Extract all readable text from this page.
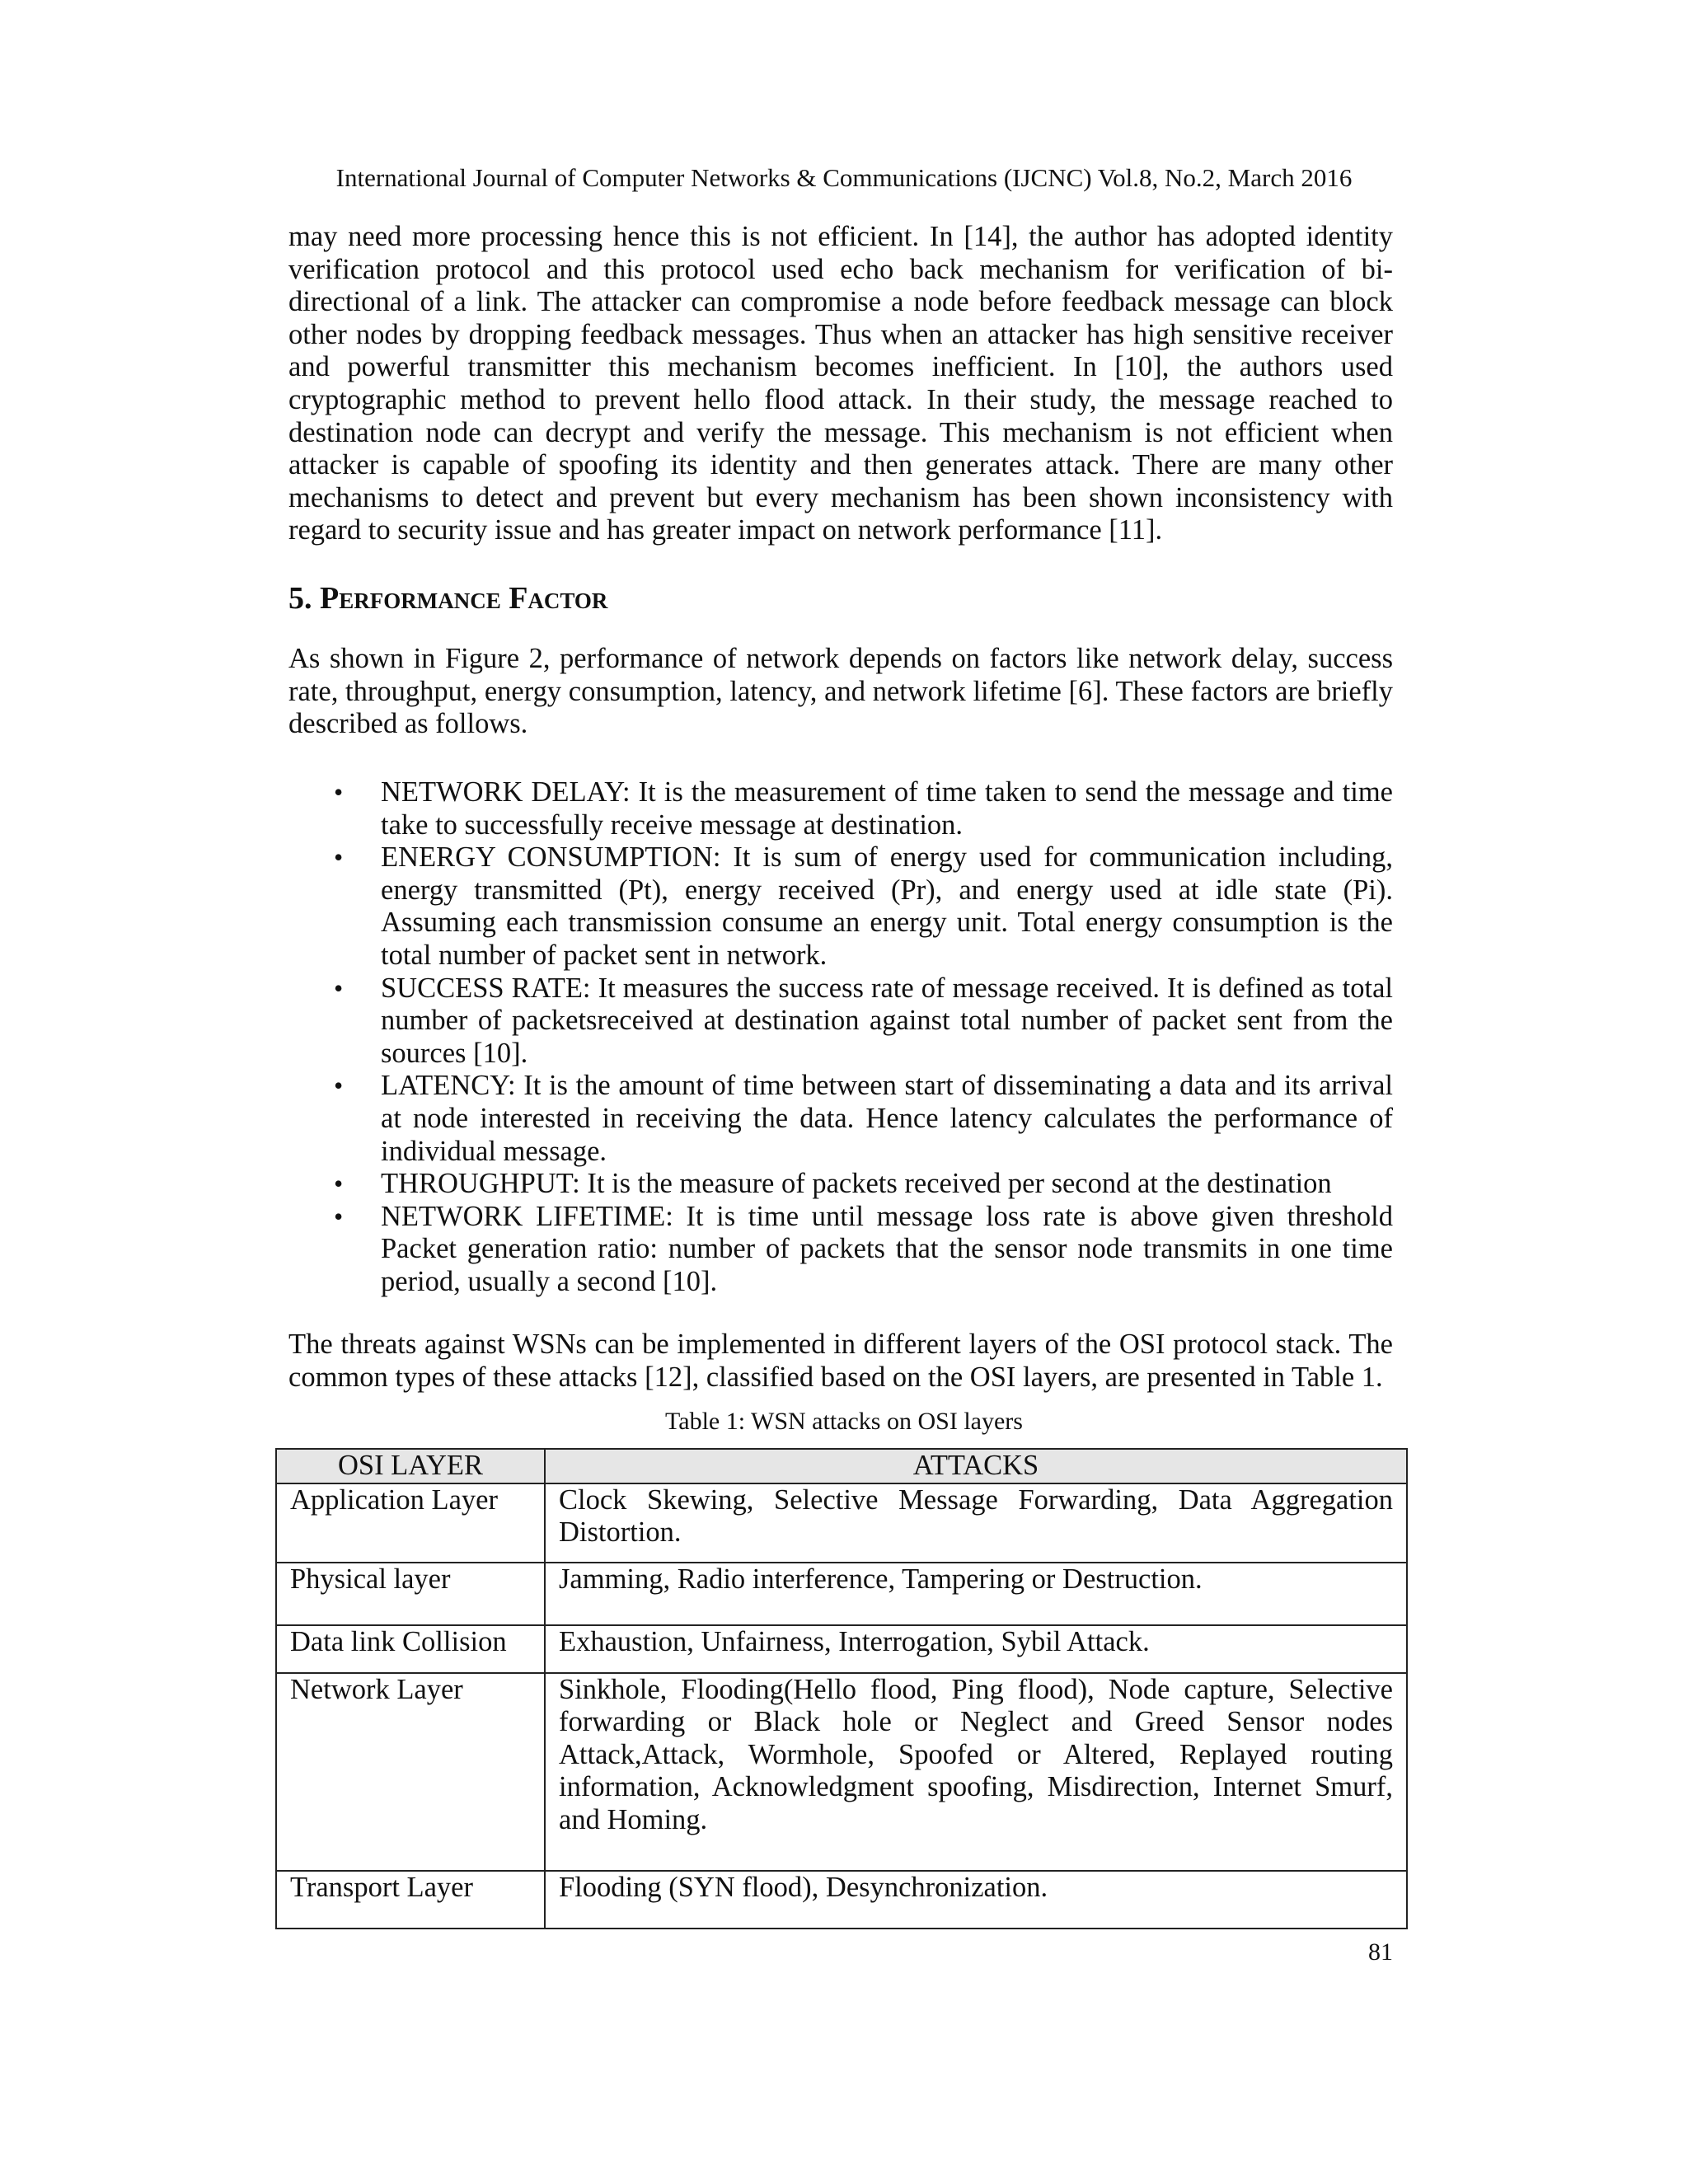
International Journal of Computer Networks & Communications (IJCNC) Vol.8, No.2, March 2016
may need more processing hence this is not efficient. In [14], the author has adopted identity verification protocol and this protocol used echo back mechanism for verification of bi-directional of a link. The attacker can compromise a node before feedback message can block other nodes by dropping feedback messages. Thus when an attacker has high sensitive receiver and powerful transmitter this mechanism becomes inefficient. In [10], the authors used cryptographic method to prevent hello flood attack. In their study, the message reached to destination node can decrypt and verify the message. This mechanism is not efficient when attacker is capable of spoofing its identity and then generates attack. There are many other mechanisms to detect and prevent but every mechanism has been shown inconsistency with regard to security issue and has greater impact on network performance [11].
5. Performance Factor
As shown in Figure 2, performance of network depends on factors like network delay, success rate, throughput, energy consumption, latency, and network lifetime [6]. These factors are briefly described as follows.
• NETWORK DELAY: It is the measurement of time taken to send the message and time take to successfully receive message at destination.
• ENERGY CONSUMPTION: It is sum of energy used for communication including, energy transmitted (Pt), energy received (Pr), and energy used at idle state (Pi). Assuming each transmission consume an energy unit. Total energy consumption is the total number of packet sent in network.
• SUCCESS RATE: It measures the success rate of message received. It is defined as total number of packetsreceived at destination against total number of packet sent from the sources [10].
• LATENCY: It is the amount of time between start of disseminating a data and its arrival at node interested in receiving the data. Hence latency calculates the performance of individual message.
• THROUGHPUT: It is the measure of packets received per second at the destination
• NETWORK LIFETIME: It is time until message loss rate is above given threshold Packet generation ratio: number of packets that the sensor node transmits in one time period, usually a second [10].
The threats against WSNs can be implemented in different layers of the OSI protocol stack. The common types of these attacks [12], classified based on the OSI layers, are presented in Table 1.
Table 1: WSN attacks on OSI layers
OSI LAYER	ATTACKS
Application Layer	Clock Skewing, Selective Message Forwarding, Data Aggregation Distortion.
Physical layer	Jamming, Radio interference, Tampering or Destruction.
Data link Collision	Exhaustion, Unfairness, Interrogation, Sybil Attack.
Network Layer	Sinkhole, Flooding(Hello flood, Ping flood), Node capture, Selective forwarding or Black hole or Neglect and Greed Sensor nodes Attack,Attack, Wormhole, Spoofed or Altered, Replayed routing information, Acknowledgment spoofing, Misdirection, Internet Smurf, and Homing.
Transport Layer	Flooding (SYN flood), Desynchronization.
81
